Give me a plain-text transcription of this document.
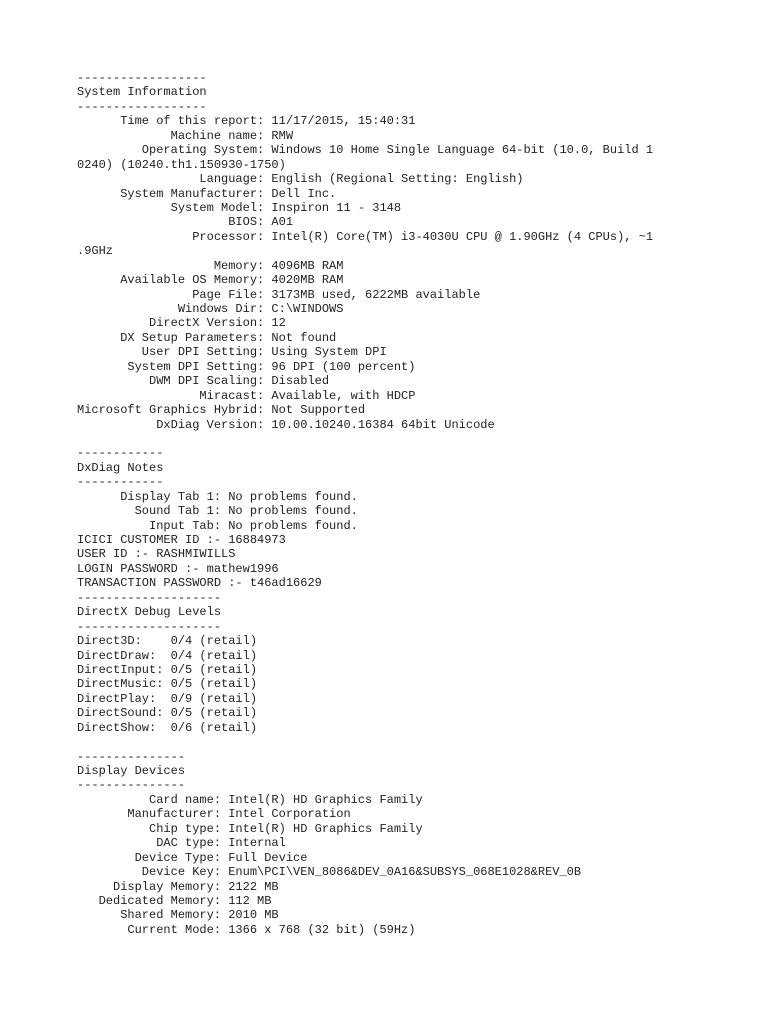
------------------
System Information
------------------
Time of this report: 11/17/2015, 15:40:31
Machine name: RMW
Operating System: Windows 10 Home Single Language 64-bit (10.0, Build 1
0240) (10240.th1.150930-1750)
Language: English (Regional Setting: English)
System Manufacturer: Dell Inc.
System Model: Inspiron 11 - 3148
BIOS: A01
Processor: Intel(R) Core(TM) i3-4030U CPU @ 1.90GHz (4 CPUs), ~1
.9GHz
Memory: 4096MB RAM
Available OS Memory: 4020MB RAM
Page File: 3173MB used, 6222MB available
Windows Dir: C:\WINDOWS
DirectX Version: 12
DX Setup Parameters: Not found
User DPI Setting: Using System DPI
System DPI Setting: 96 DPI (100 percent)
DWM DPI Scaling: Disabled
Miracast: Available, with HDCP
Microsoft Graphics Hybrid: Not Supported
DxDiag Version: 10.00.10240.16384 64bit Unicode
------------
DxDiag Notes
------------
Display Tab 1: No problems found.
Sound Tab 1: No problems found.
Input Tab: No problems found.
ICICI CUSTOMER ID :- 16884973
USER ID :- RASHMIWILLS
LOGIN PASSWORD :- mathew1996
TRANSACTION PASSWORD :- t46ad16629
--------------------
DirectX Debug Levels
--------------------
Direct3D:    0/4 (retail)
DirectDraw:  0/4 (retail)
DirectInput: 0/5 (retail)
DirectMusic: 0/5 (retail)
DirectPlay:  0/9 (retail)
DirectSound: 0/5 (retail)
DirectShow:  0/6 (retail)
---------------
Display Devices
---------------
Card name: Intel(R) HD Graphics Family
Manufacturer: Intel Corporation
Chip type: Intel(R) HD Graphics Family
DAC type: Internal
Device Type: Full Device
Device Key: Enum\PCI\VEN_8086&DEV_0A16&SUBSYS_068E1028&REV_0B
Display Memory: 2122 MB
Dedicated Memory: 112 MB
Shared Memory: 2010 MB
Current Mode: 1366 x 768 (32 bit) (59Hz)
